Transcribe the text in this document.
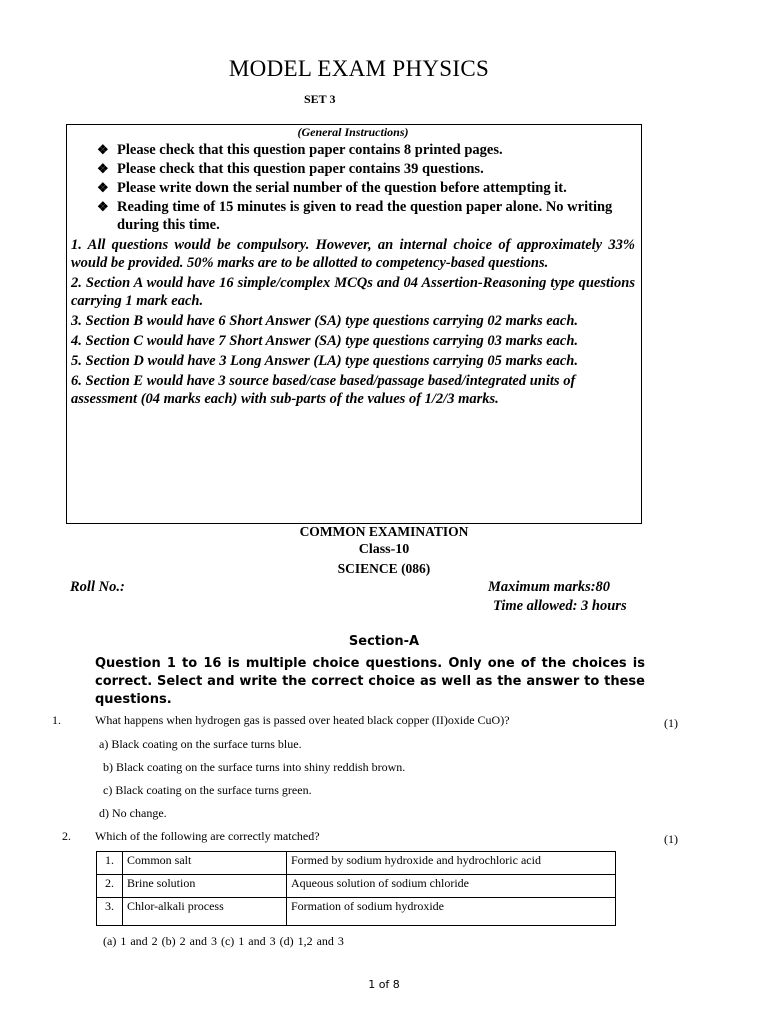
MODEL EXAM PHYSICS
SET 3
(General Instructions)
❖ Please check that this question paper contains 8 printed pages.
❖ Please check that this question paper contains 39 questions.
❖ Please write down the serial number of the question before attempting it.
❖ Reading time of 15 minutes is given to read the question paper alone. No writing during this time.

1. All questions would be compulsory. However, an internal choice of approximately 33% would be provided. 50% marks are to be allotted to competency-based questions.

2. Section A would have 16 simple/complex MCQs and 04 Assertion-Reasoning type questions carrying 1 mark each.

3. Section B would have 6 Short Answer (SA) type questions carrying 02 marks each.

4. Section C would have 7 Short Answer (SA) type questions carrying 03 marks each.

5. Section D would have 3 Long Answer (LA) type questions carrying 05 marks each.

6. Section E would have 3 source based/case based/passage based/integrated units of assessment (04 marks each) with sub-parts of the values of 1/2/3 marks.

COMMON EXAMINATION
Class-10
SCIENCE (086)
Roll No.:	Maximum marks:80
Time allowed: 3 hours
Section-A
Question 1 to 16 is multiple choice questions. Only one of the choices is correct. Select and write the correct choice as well as the answer to these questions.
1.	What happens when hydrogen gas is passed over heated black copper (II)oxide CuO)?	(1)
a) Black coating on the surface turns blue.
b) Black coating on the surface turns into shiny reddish brown.
c) Black coating on the surface turns green.
d) No change.
2. Which of the following are correctly matched?	(1)
1.	Common salt	Formed by sodium hydroxide and hydrochloric acid
2.	Brine solution	Aqueous solution of sodium chloride
3.	Chlor-alkali process	Formation of sodium hydroxide
(a) 1 and 2 (b) 2 and 3 (c) 1 and 3 (d) 1,2 and 3
1 of 8
